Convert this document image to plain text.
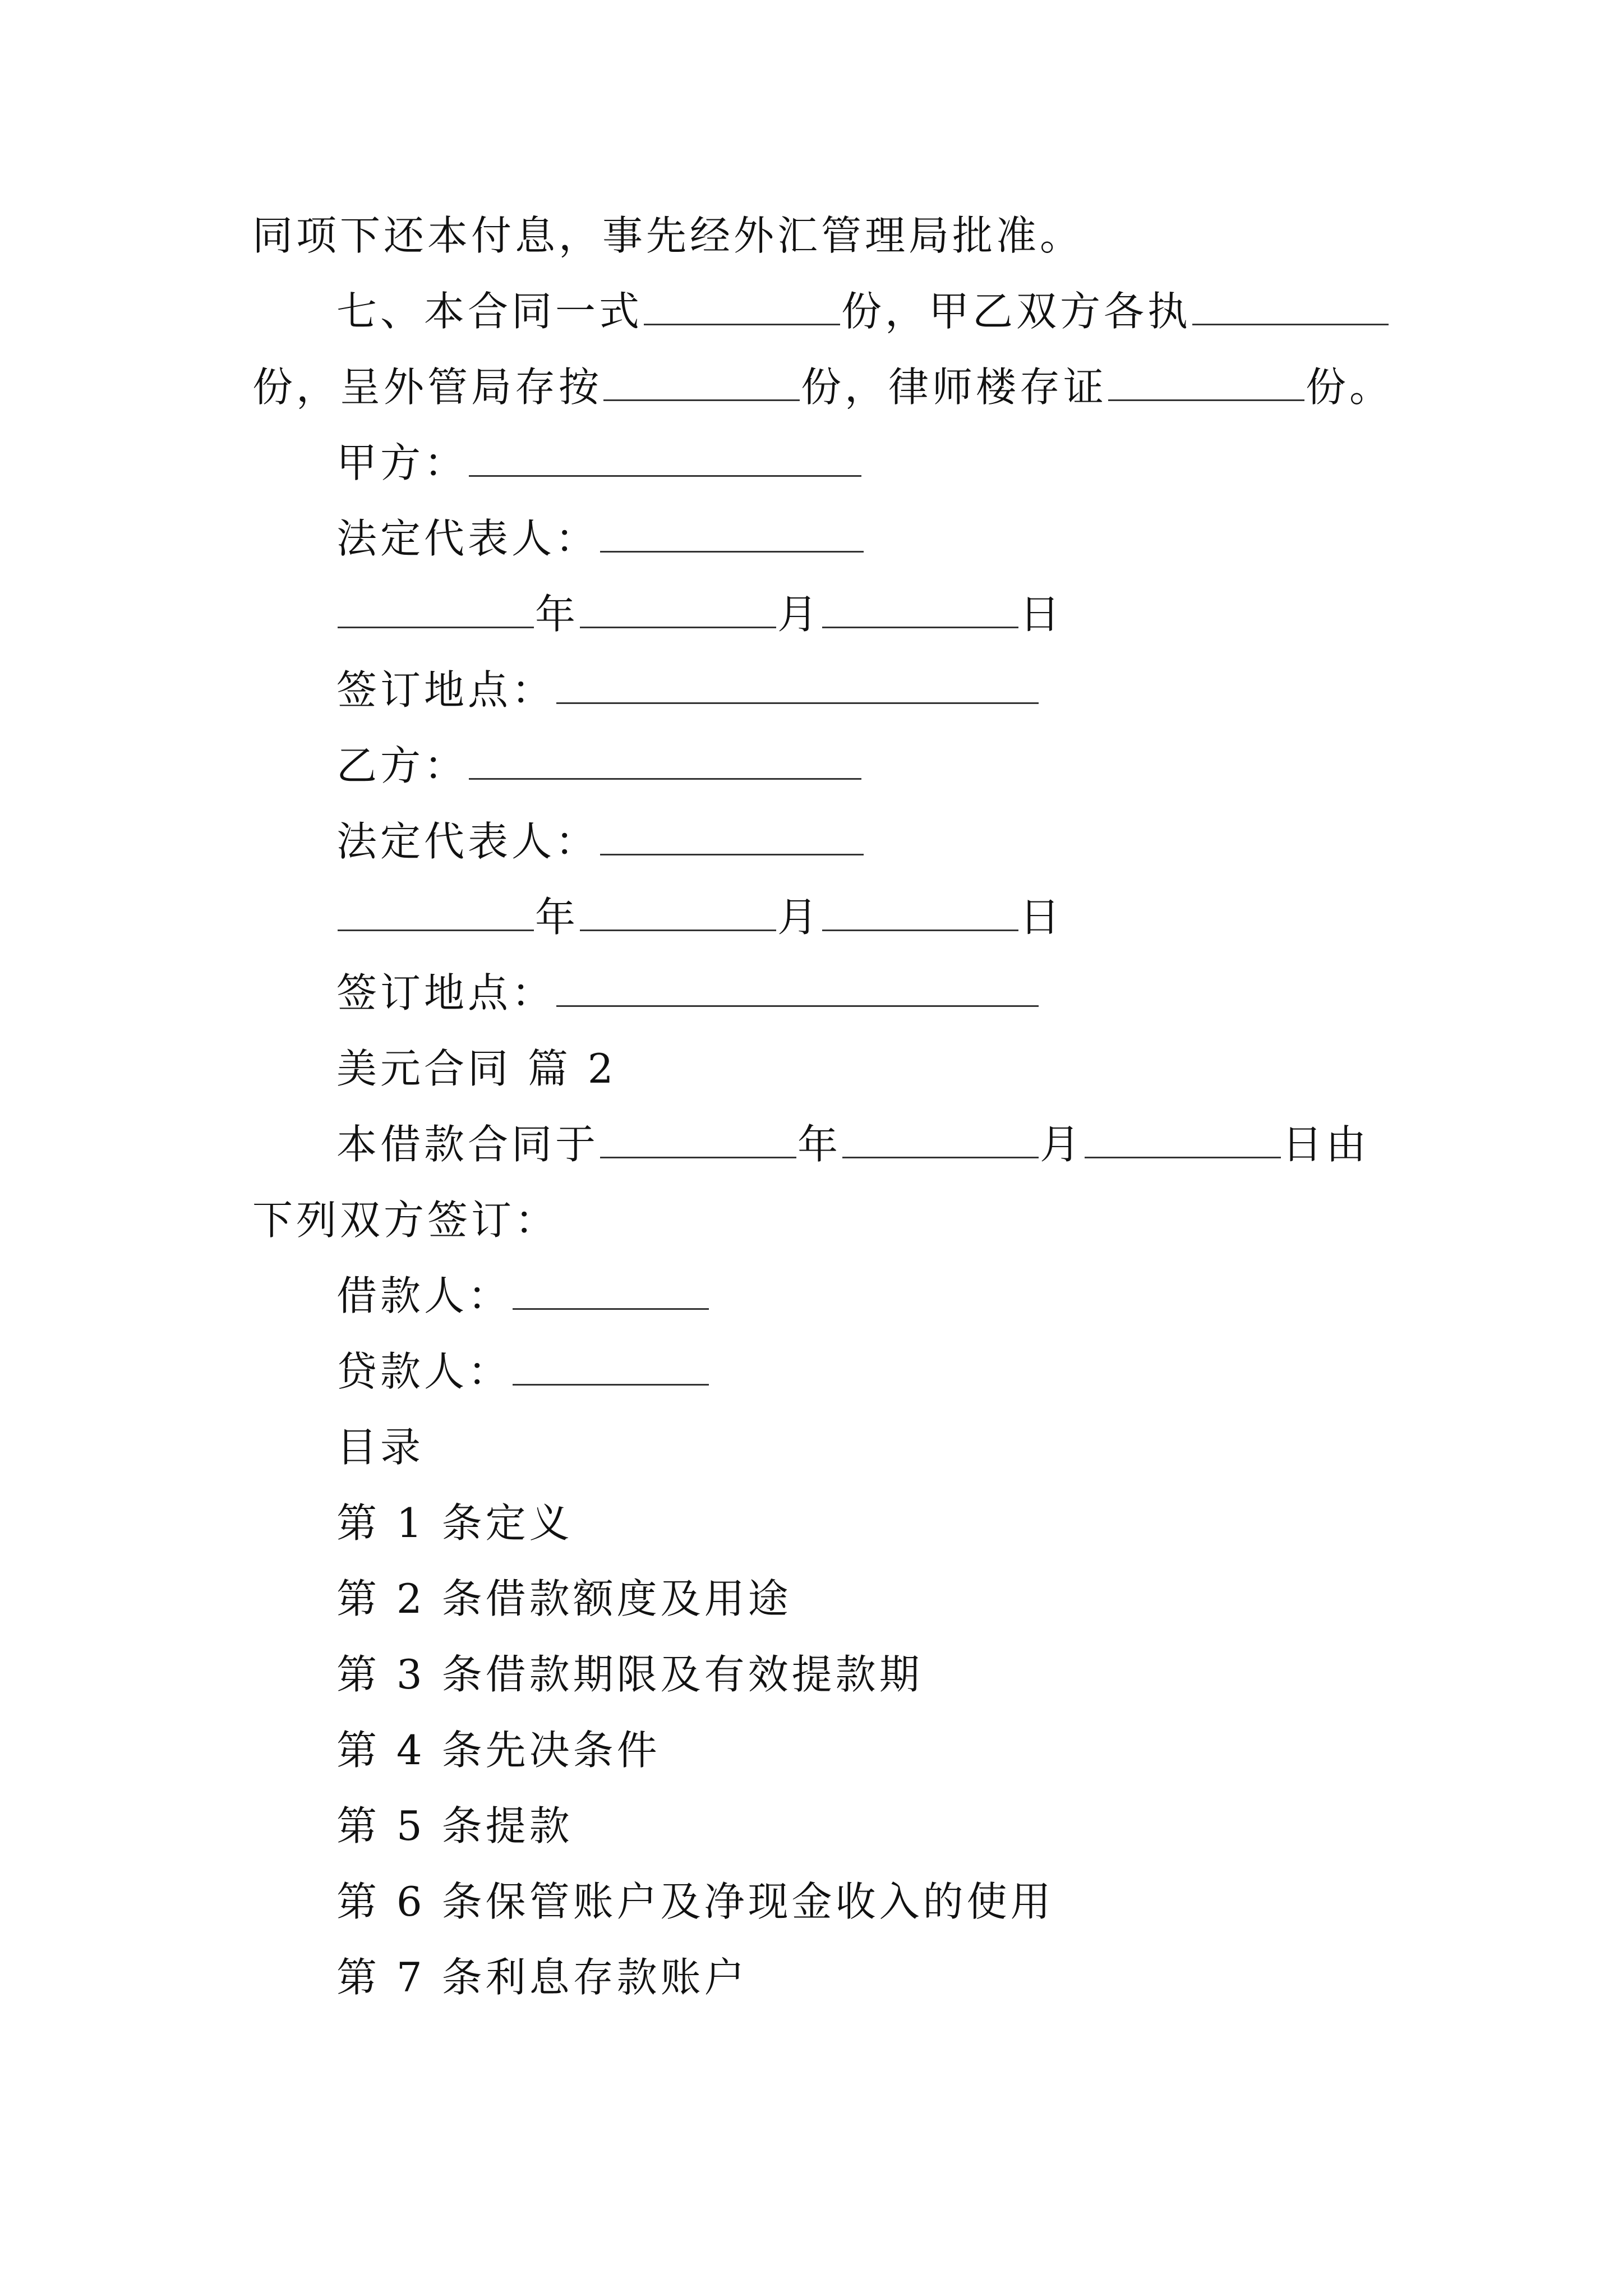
同项下还本付息，事先经外汇管理局批准。
七、本合同一式	份，甲乙双方各执
份，呈外管局存按	份，律师楼存证	份。
甲方：
法定代表人：
年	月	日
签订地点：
乙方：
法定代表人：
年	月	日
签订地点：
美元合同 篇 2
本借款合同于	年	月	日由
下列双方签订：
借款人：
贷款人：
目录
第 1 条定义
第 2 条借款额度及用途
第 3 条借款期限及有效提款期
第 4 条先决条件
第 5 条提款
第 6 条保管账户及净现金收入的使用
第 7 条利息存款账户
